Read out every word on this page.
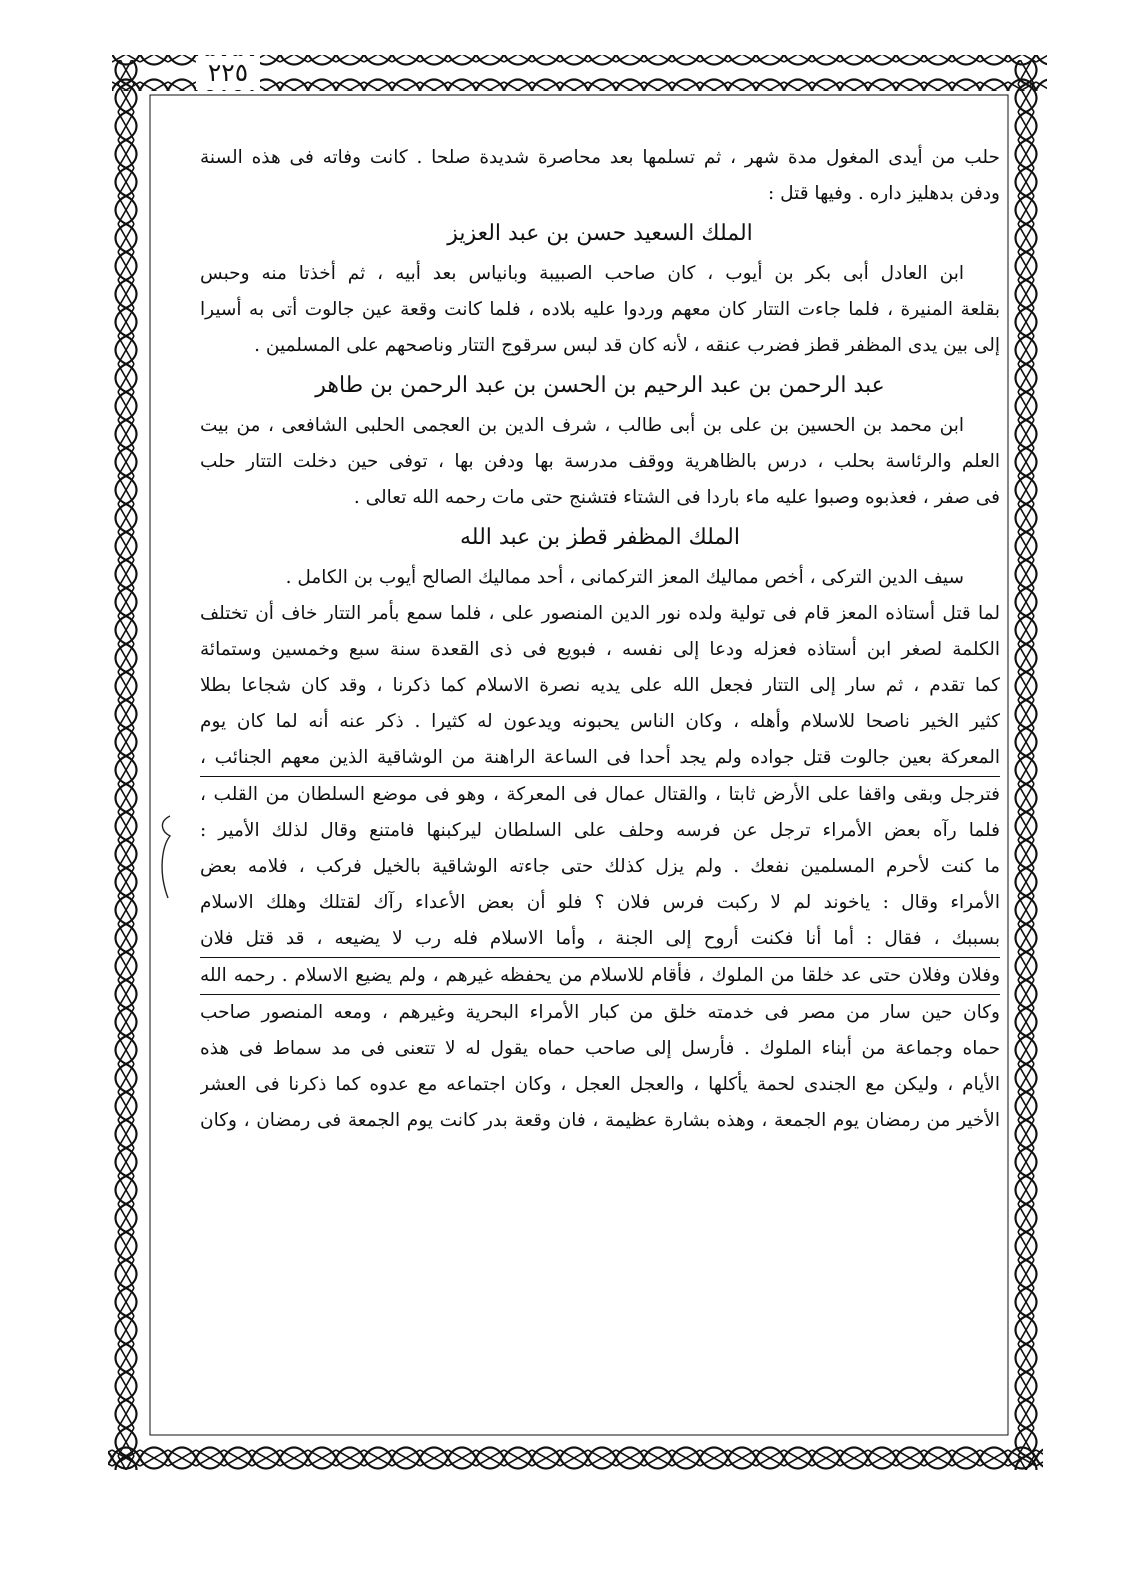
٢٢٥
حلب من أيدى المغول مدة شهر ، ثم تسلمها بعد محاصرة شديدة صلحا . كانت وفاته فى هذه السنة
ودفن بدهليز داره . وفيها قتل :
الملك السعيد حسن بن عبد العزيز
ابن العادل أبى بكر بن أيوب ، كان صاحب الصبيبة وبانياس بعد أبيه ، ثم أخذتا منه وحبس
بقلعة المنيرة ، فلما جاءت التتار كان معهم وردوا عليه بلاده ، فلما كانت وقعة عين جالوت أتى به أسيرا
إلى بين يدى المظفر قطز فضرب عنقه ، لأنه كان قد لبس سرقوج التتار وناصحهم على المسلمين .
عبد الرحمن بن عبد الرحيم بن الحسن بن عبد الرحمن بن طاهر
ابن محمد بن الحسين بن على بن أبى طالب ، شرف الدين بن العجمى الحلبى الشافعى ، من بيت
العلم والرئاسة بحلب ، درس بالظاهرية ووقف مدرسة بها ودفن بها ، توفى حين دخلت التتار حلب
فى صفر ، فعذبوه وصبوا عليه ماء باردا فى الشتاء فتشنج حتى مات رحمه الله تعالى .
الملك المظفر قطز بن عبد الله
سيف الدين التركى ، أخص مماليك المعز التركمانى ، أحد مماليك الصالح أيوب بن الكامل .
لما قتل أستاذه المعز قام فى تولية ولده نور الدين المنصور على ، فلما سمع بأمر التتار خاف أن تختلف
الكلمة لصغر ابن أستاذه فعزله ودعا إلى نفسه ، فبويع فى ذى القعدة سنة سبع وخمسين وستمائة
كما تقدم ، ثم سار إلى التتار فجعل الله على يديه نصرة الاسلام كما ذكرنا ، وقد كان شجاعا بطلا
كثير الخير ناصحا للاسلام وأهله ، وكان الناس يحبونه ويدعون له كثيرا . ذكر عنه أنه لما كان يوم
المعركة بعين جالوت قتل جواده ولم يجد أحدا فى الساعة الراهنة من الوشاقية الذين معهم الجنائب ،
فترجل وبقى واقفا على الأرض ثابتا ، والقتال عمال فى المعركة ، وهو فى موضع السلطان من القلب ،
فلما رآه بعض الأمراء ترجل عن فرسه وحلف على السلطان ليركبنها فامتنع وقال لذلك الأمير :
ما كنت لأحرم المسلمين نفعك . ولم يزل كذلك حتى جاءته الوشاقية بالخيل فركب ، فلامه بعض
الأمراء وقال : ياخوند لم لا ركبت فرس فلان ؟ فلو أن بعض الأعداء رآك لقتلك وهلك الاسلام
بسببك ، فقال : أما أنا فكنت أروح إلى الجنة ، وأما الاسلام فله رب لا يضيعه ، قد قتل فلان
وفلان وفلان حتى عد خلقا من الملوك ، فأقام للاسلام من يحفظه غيرهم ، ولم يضيع الاسلام . رحمه الله
وكان حين سار من مصر فى خدمته خلق من كبار الأمراء البحرية وغيرهم ، ومعه المنصور صاحب
حماه وجماعة من أبناء الملوك . فأرسل إلى صاحب حماه يقول له لا تتعنى فى مد سماط فى هذه
الأيام ، وليكن مع الجندى لحمة يأكلها ، والعجل العجل ، وكان اجتماعه مع عدوه كما ذكرنا فى العشر
الأخير من رمضان يوم الجمعة ، وهذه بشارة عظيمة ، فان وقعة بدر كانت يوم الجمعة فى رمضان ، وكان
